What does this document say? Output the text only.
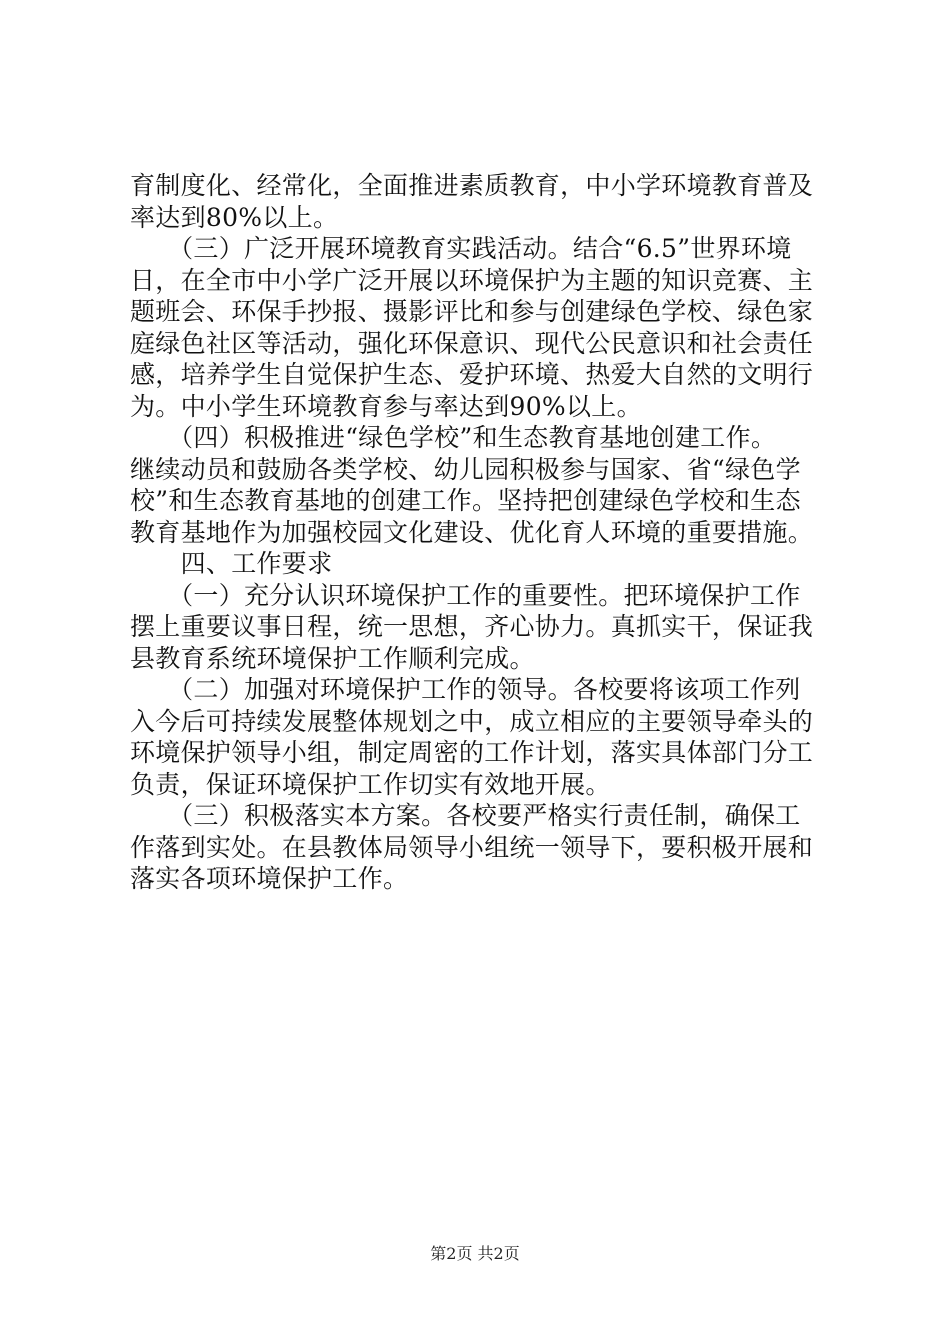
育制度化、经常化，全面推进素质教育，中小学环境教育普及
率达到80%以上。
　　（三）广泛开展环境教育实践活动。结合“6.5”世界环境
日，在全市中小学广泛开展以环境保护为主题的知识竞赛、主
题班会、环保手抄报、摄影评比和参与创建绿色学校、绿色家
庭绿色社区等活动，强化环保意识、现代公民意识和社会责任
感，培养学生自觉保护生态、爱护环境、热爱大自然的文明行
为。中小学生环境教育参与率达到90%以上。
　　（四）积极推进“绿色学校”和生态教育基地创建工作。
继续动员和鼓励各类学校、幼儿园积极参与国家、省“绿色学
校”和生态教育基地的创建工作。坚持把创建绿色学校和生态
教育基地作为加强校园文化建设、优化育人环境的重要措施。
　　四、工作要求
　　（一）充分认识环境保护工作的重要性。把环境保护工作
摆上重要议事日程，统一思想，齐心协力。真抓实干，保证我
县教育系统环境保护工作顺利完成。
　　（二）加强对环境保护工作的领导。各校要将该项工作列
入今后可持续发展整体规划之中，成立相应的主要领导牵头的
环境保护领导小组，制定周密的工作计划，落实具体部门分工
负责，保证环境保护工作切实有效地开展。
　　（三）积极落实本方案。各校要严格实行责任制，确保工
作落到实处。在县教体局领导小组统一领导下，要积极开展和
落实各项环境保护工作。
第2页 共2页
